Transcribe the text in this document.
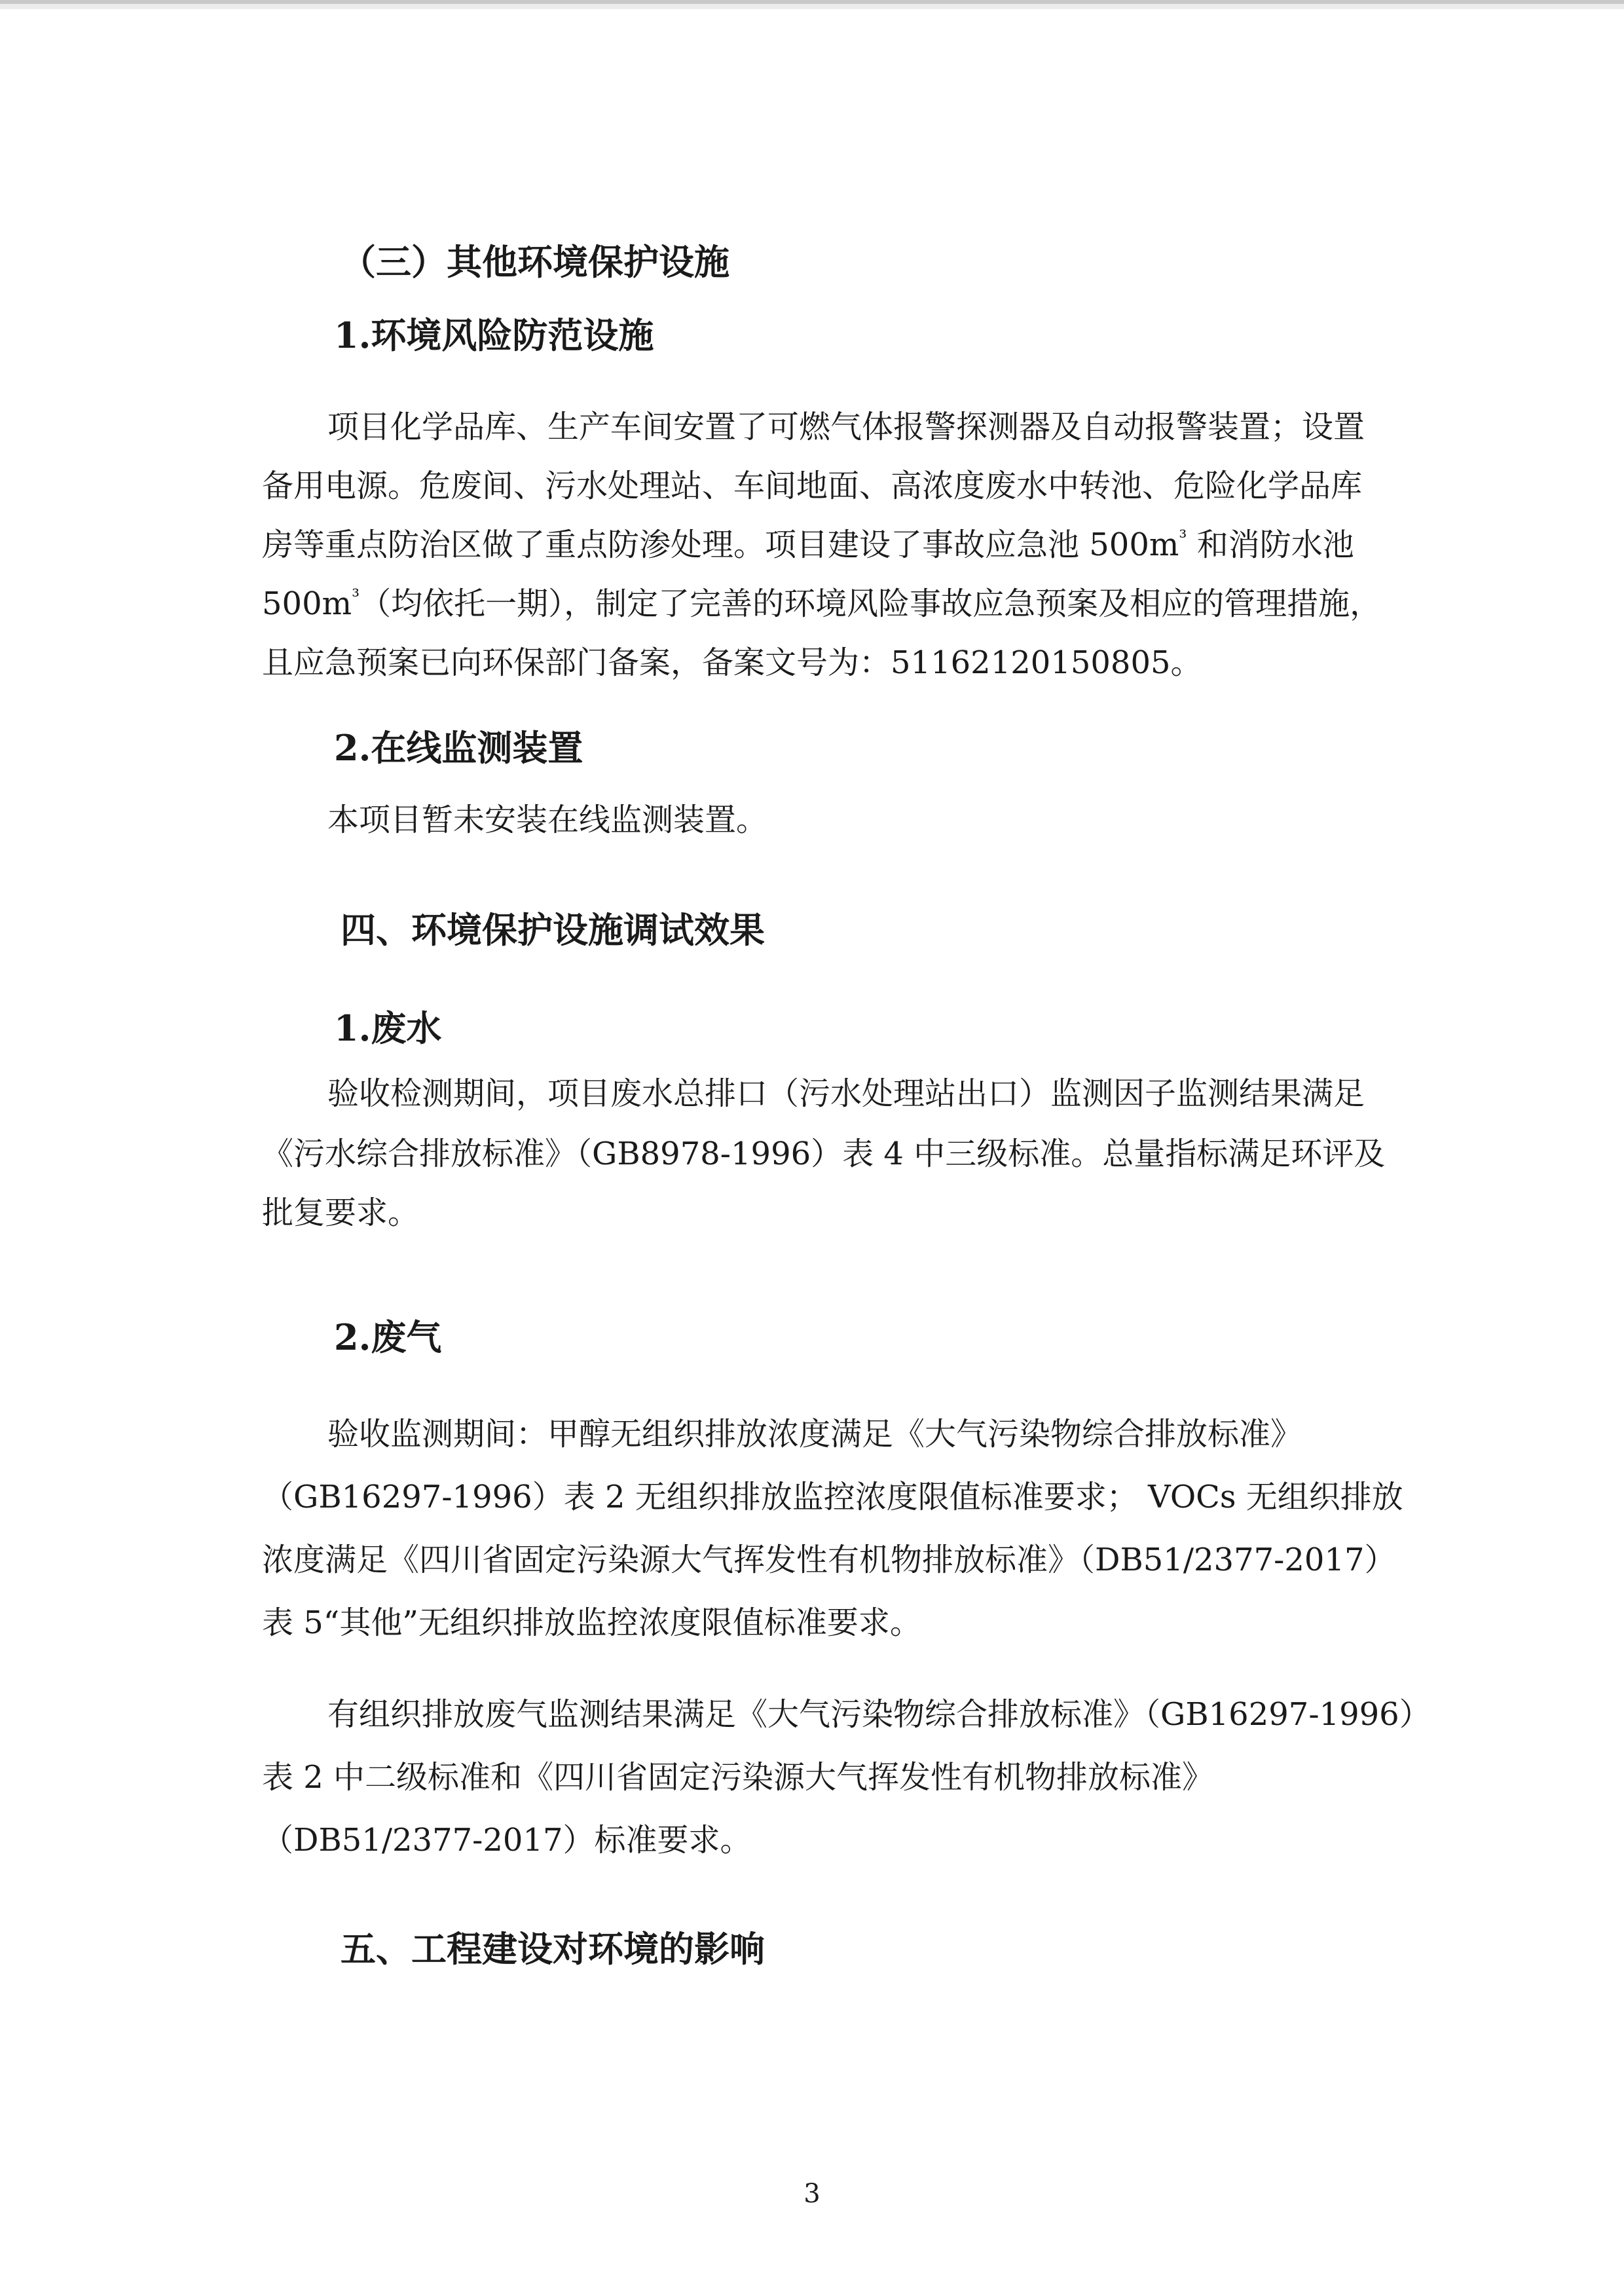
（三）其他环境保护设施
1.环境风险防范设施
项目化学品库、生产车间安置了可燃气体报警探测器及自动报警装置；设置
备用电源。危废间、污水处理站、车间地面、高浓度废水中转池、危险化学品库
房等重点防治区做了重点防渗处理。项目建设了事故应急池 $500m^{^3}$ 和消防水池
$500m^{^3}$（均依托一期），制定了完善的环境风险事故应急预案及相应的管理措施，
且应急预案已向环保部门备案，备案文号为：51162120150805。
2.在线监测装置
本项目暂未安装在线监测装置。
四、环境保护设施调试效果
1.废水
验收检测期间，项目废水总排口（污水处理站出口）监测因子监测结果满足
《污水综合排放标准》（GB8978-1996）表 4 中三级标准。总量指标满足环评及
批复要求。
2.废气
验收监测期间：甲醇无组织排放浓度满足《大气污染物综合排放标准》
（GB16297-1996）表 2 无组织排放监控浓度限值标准要求； VOCs 无组织排放
浓度满足《四川省固定污染源大气挥发性有机物排放标准》（DB51/2377-2017）
表 5“其他”无组织排放监控浓度限值标准要求。
有组织排放废气监测结果满足《大气污染物综合排放标准》（GB16297-1996）
表 2 中二级标准和《四川省固定污染源大气挥发性有机物排放标准》
（DB51/2377-2017）标准要求。
五、工程建设对环境的影响
3
